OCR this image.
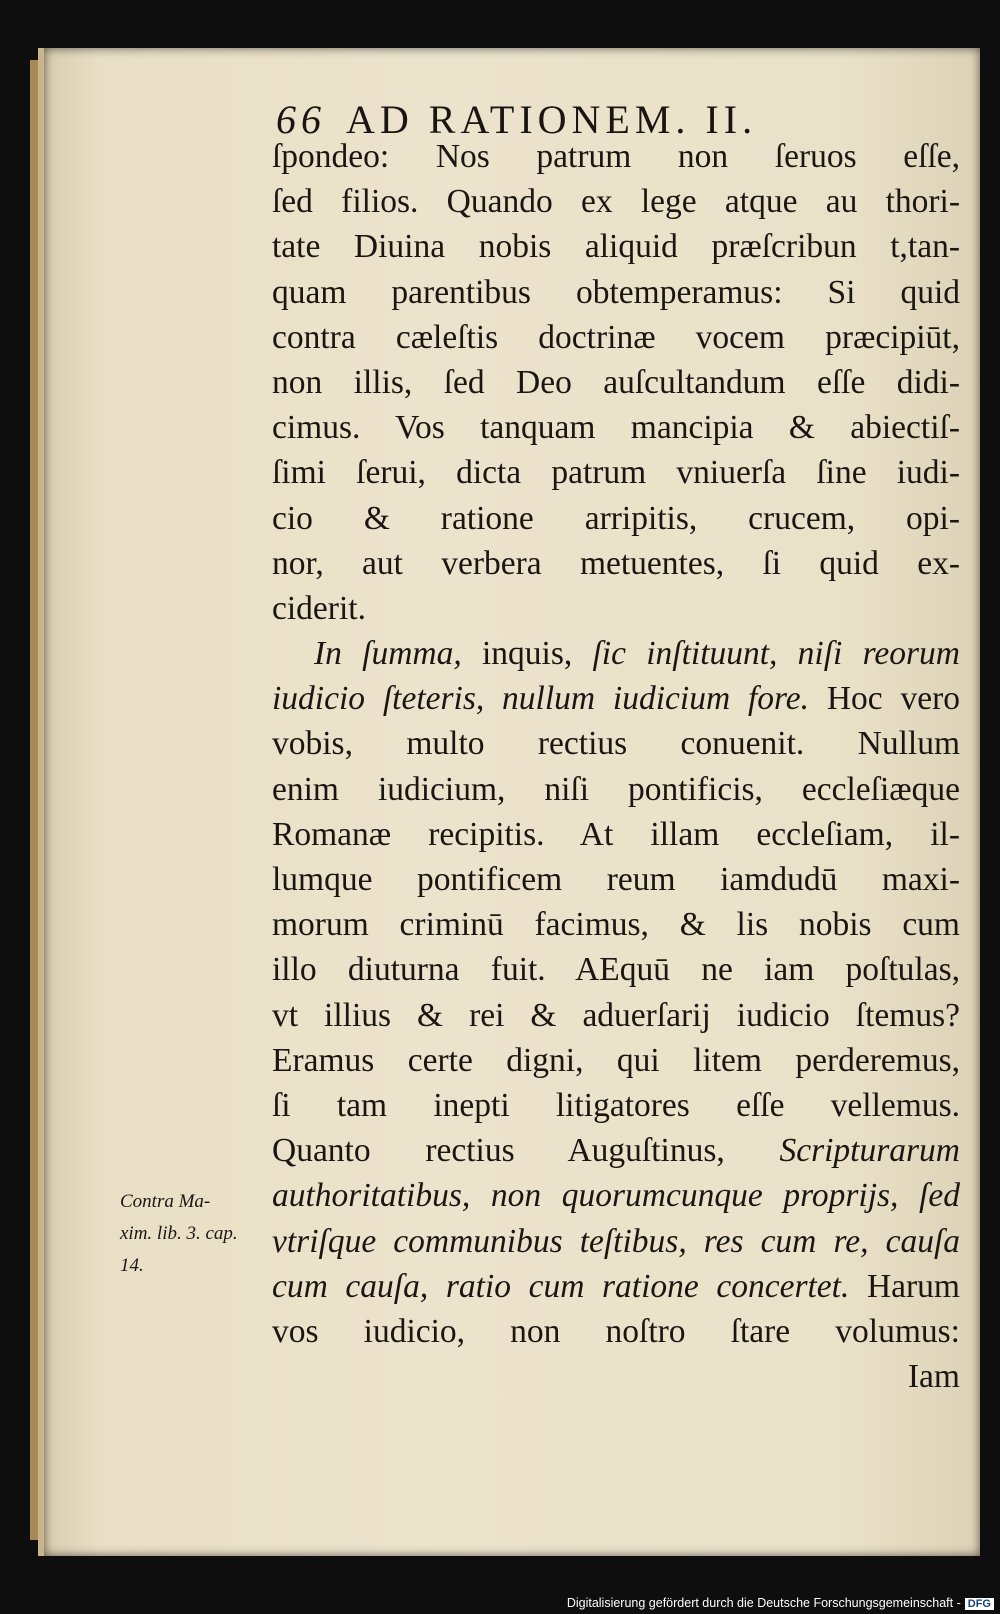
66 AD RATIONEM. II.
ſpondeo: Nos patrum non ſeruos eſſe,
ſed filios. Quando ex lege atque au thori-
tate Diuina nobis aliquid præſcribun t,tan-
quam parentibus obtemperamus: Si quid
contra cæleſtis doctrinæ vocem præcipiūt,
non illis, ſed Deo auſcultandum eſſe didi-
cimus. Vos tanquam mancipia & abiectiſ-
ſimi ſerui, dicta patrum vniuerſa ſine iudi-
cio & ratione arripitis, crucem, opi-
nor, aut verbera metuentes, ſi quid ex-
ciderit.
In ſumma, inquis, ſic inſtituunt, niſi reorum
iudicio ſteteris, nullum iudicium fore. Hoc vero
vobis, multo rectius conuenit. Nullum
enim iudicium, niſi pontificis, eccleſiæque
Romanæ recipitis. At illam eccleſiam, il-
lumque pontificem reum iamdudū maxi-
morum criminū facimus, & lis nobis cum
illo diuturna fuit. AEquū ne iam poſtulas,
vt illius & rei & aduerſarij iudicio ſtemus?
Eramus certe digni, qui litem perderemus,
ſi tam inepti litigatores eſſe vellemus.
Quanto rectius Auguſtinus, Scripturarum
authoritatibus, non quorumcunque proprijs, ſed
vtriſque communibus teſtibus, res cum re, cauſa
cum cauſa, ratio cum ratione concertet. Harum
vos iudicio, non noſtro ſtare volumus:
Iam
Contra Ma-
xim. lib. 3. cap.
14.
Digitalisierung gefördert durch die Deutsche Forschungsgemeinschaft - DFG
